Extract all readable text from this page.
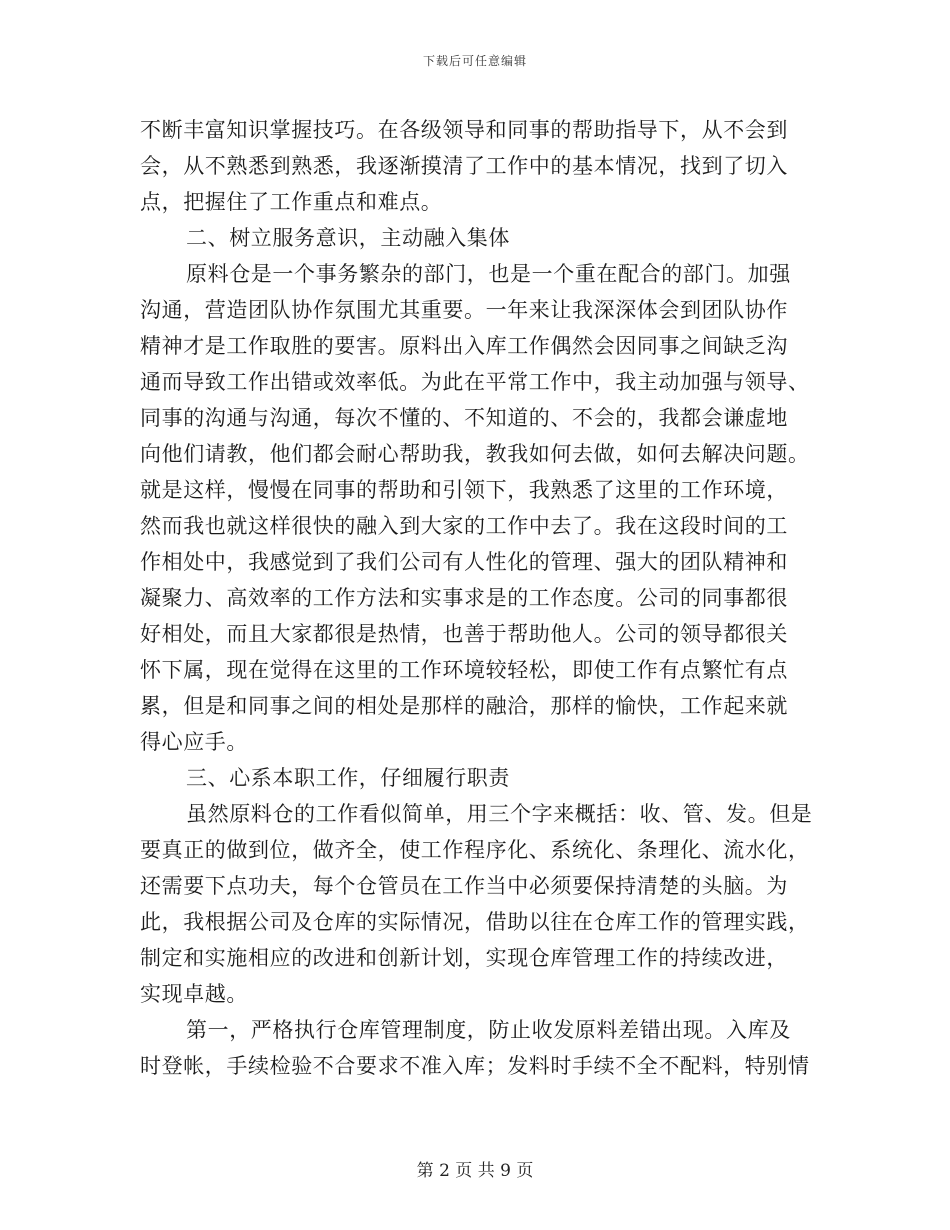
下载后可任意编辑
不断丰富知识掌握技巧。在各级领导和同事的帮助指导下，从不会到
会，从不熟悉到熟悉，我逐渐摸清了工作中的基本情况，找到了切入
点，把握住了工作重点和难点。
二、树立服务意识，主动融入集体
原料仓是一个事务繁杂的部门，也是一个重在配合的部门。加强
沟通，营造团队协作氛围尤其重要。一年来让我深深体会到团队协作
精神才是工作取胜的要害。原料出入库工作偶然会因同事之间缺乏沟
通而导致工作出错或效率低。为此在平常工作中，我主动加强与领导、
同事的沟通与沟通，每次不懂的、不知道的、不会的，我都会谦虚地
向他们请教，他们都会耐心帮助我，教我如何去做，如何去解决问题。
就是这样，慢慢在同事的帮助和引领下，我熟悉了这里的工作环境，
然而我也就这样很快的融入到大家的工作中去了。我在这段时间的工
作相处中，我感觉到了我们公司有人性化的管理、强大的团队精神和
凝聚力、高效率的工作方法和实事求是的工作态度。公司的同事都很
好相处，而且大家都很是热情，也善于帮助他人。公司的领导都很关
怀下属，现在觉得在这里的工作环境较轻松，即使工作有点繁忙有点
累，但是和同事之间的相处是那样的融洽，那样的愉快，工作起来就
得心应手。
三、心系本职工作，仔细履行职责
虽然原料仓的工作看似简单，用三个字来概括：收、管、发。但是
要真正的做到位，做齐全，使工作程序化、系统化、条理化、流水化，
还需要下点功夫，每个仓管员在工作当中必须要保持清楚的头脑。为
此，我根据公司及仓库的实际情况，借助以往在仓库工作的管理实践，
制定和实施相应的改进和创新计划，实现仓库管理工作的持续改进，
实现卓越。
第一，严格执行仓库管理制度，防止收发原料差错出现。入库及
时登帐，手续检验不合要求不准入库；发料时手续不全不配料，特别情
第 2 页 共 9 页
